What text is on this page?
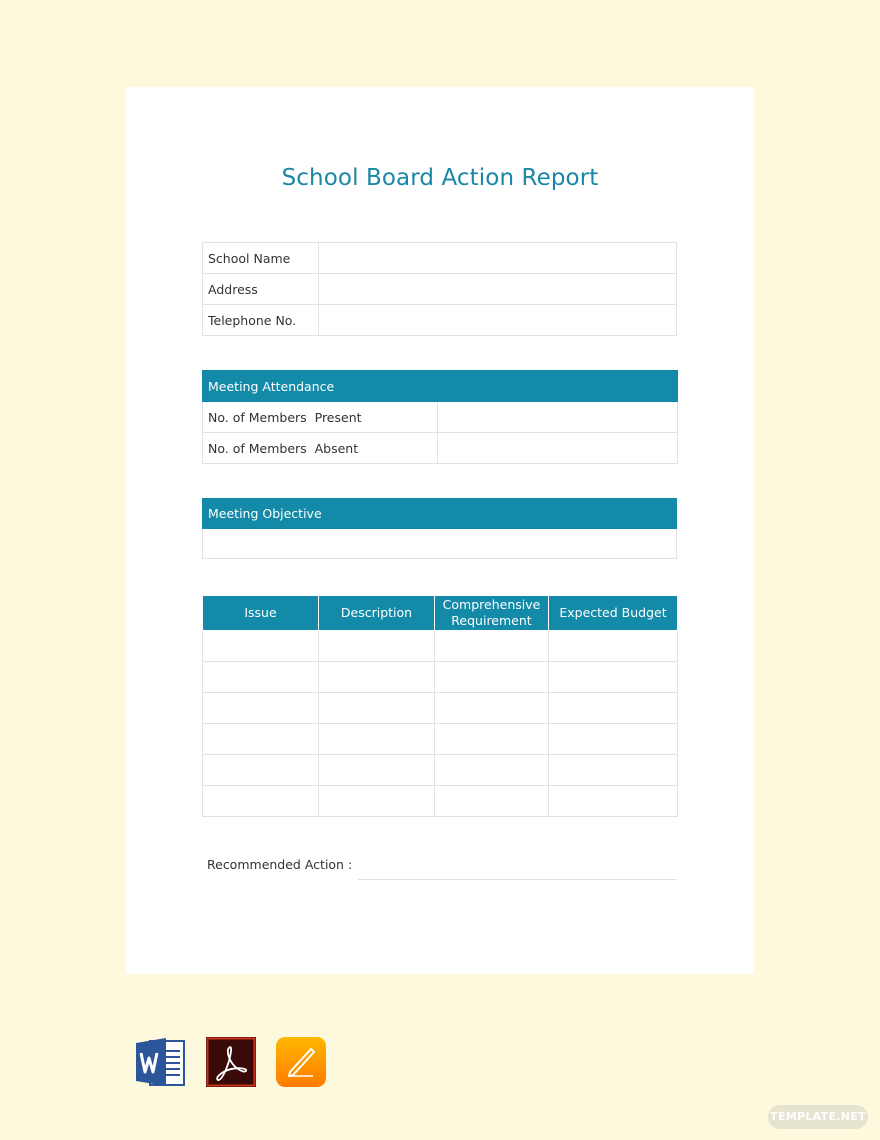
School Board Action Report
School Name	
Address	
Telephone No.	
Meeting Attendance	
No. of Members  Present	
No. of Members  Absent	
Meeting Objective

Issue	Description	Comprehensive Requirement	Expected Budget

Recommended Action :
TEMPLATE.NET
